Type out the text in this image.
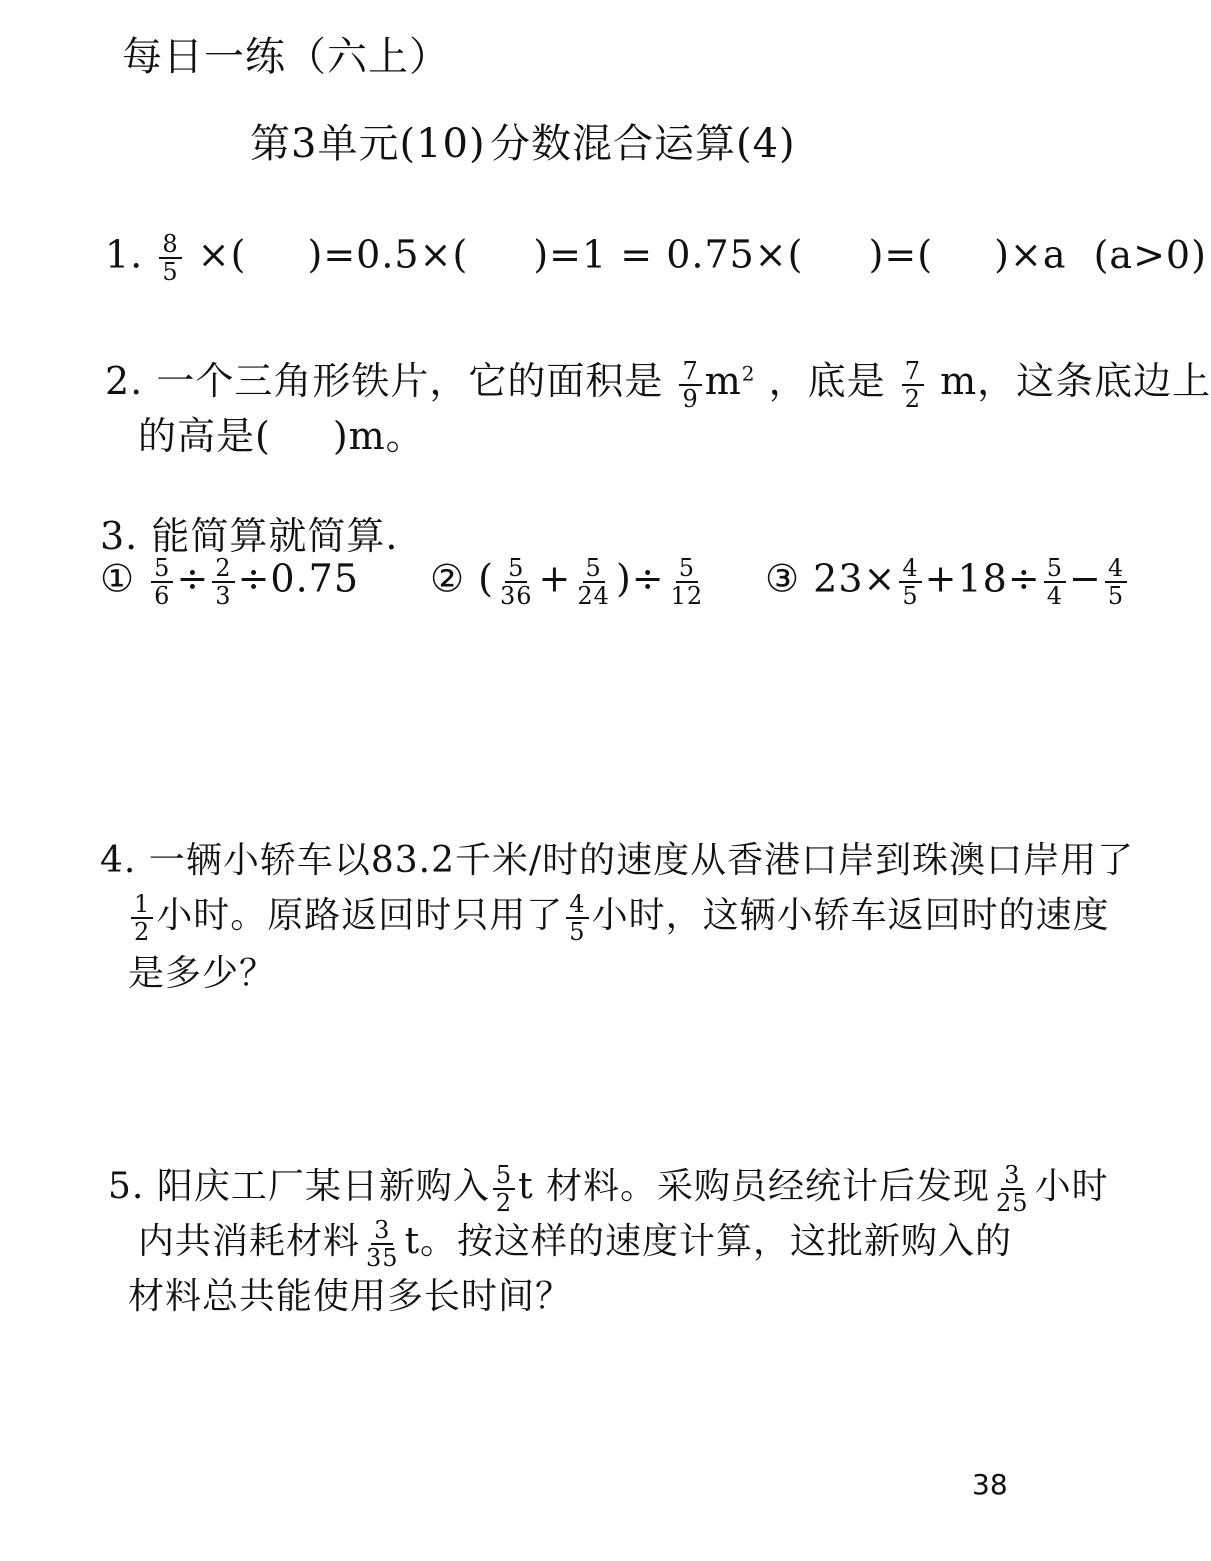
每日一练（六上）
第3单元(10) 分数混合运算(4)
1. $\frac{8}{5}$ ×( )=0.5×( )=1 = 0.75×( )=( )×a (a>0)
2. 一个三角形铁片，它的面积是 $\frac{7}{9} m^2$ ，底是 $\frac{7}{2}$ m，这条底边上
的高是( )m。
3. 能简算就简算.
① $\frac{5}{6} \div \frac{2}{3} \div 0.75$ ② ( $\frac{5}{36} + \frac{5}{24}$ )÷ $\frac{5}{12}$ ③ $23\times \frac{4}{5} +18\div \frac{5}{4} - \frac{4}{5}$
4. 一辆小轿车以83.2千米/时的速度从香港口岸到珠澳口岸用了
$\frac{1}{2}$ 小时。原路返回时只用了 $\frac{4}{5}$ 小时，这辆小轿车返回时的速度
是多少？
5. 阳庆工厂某日新购入 $\frac{5}{2}$ t 材料。采购员经统计后发现 $\frac{3}{25}$ 小时
内共消耗材料 $\frac{3}{35}$ t。按这样的速度计算，这批新购入的
材料总共能使用多长时间？
38
